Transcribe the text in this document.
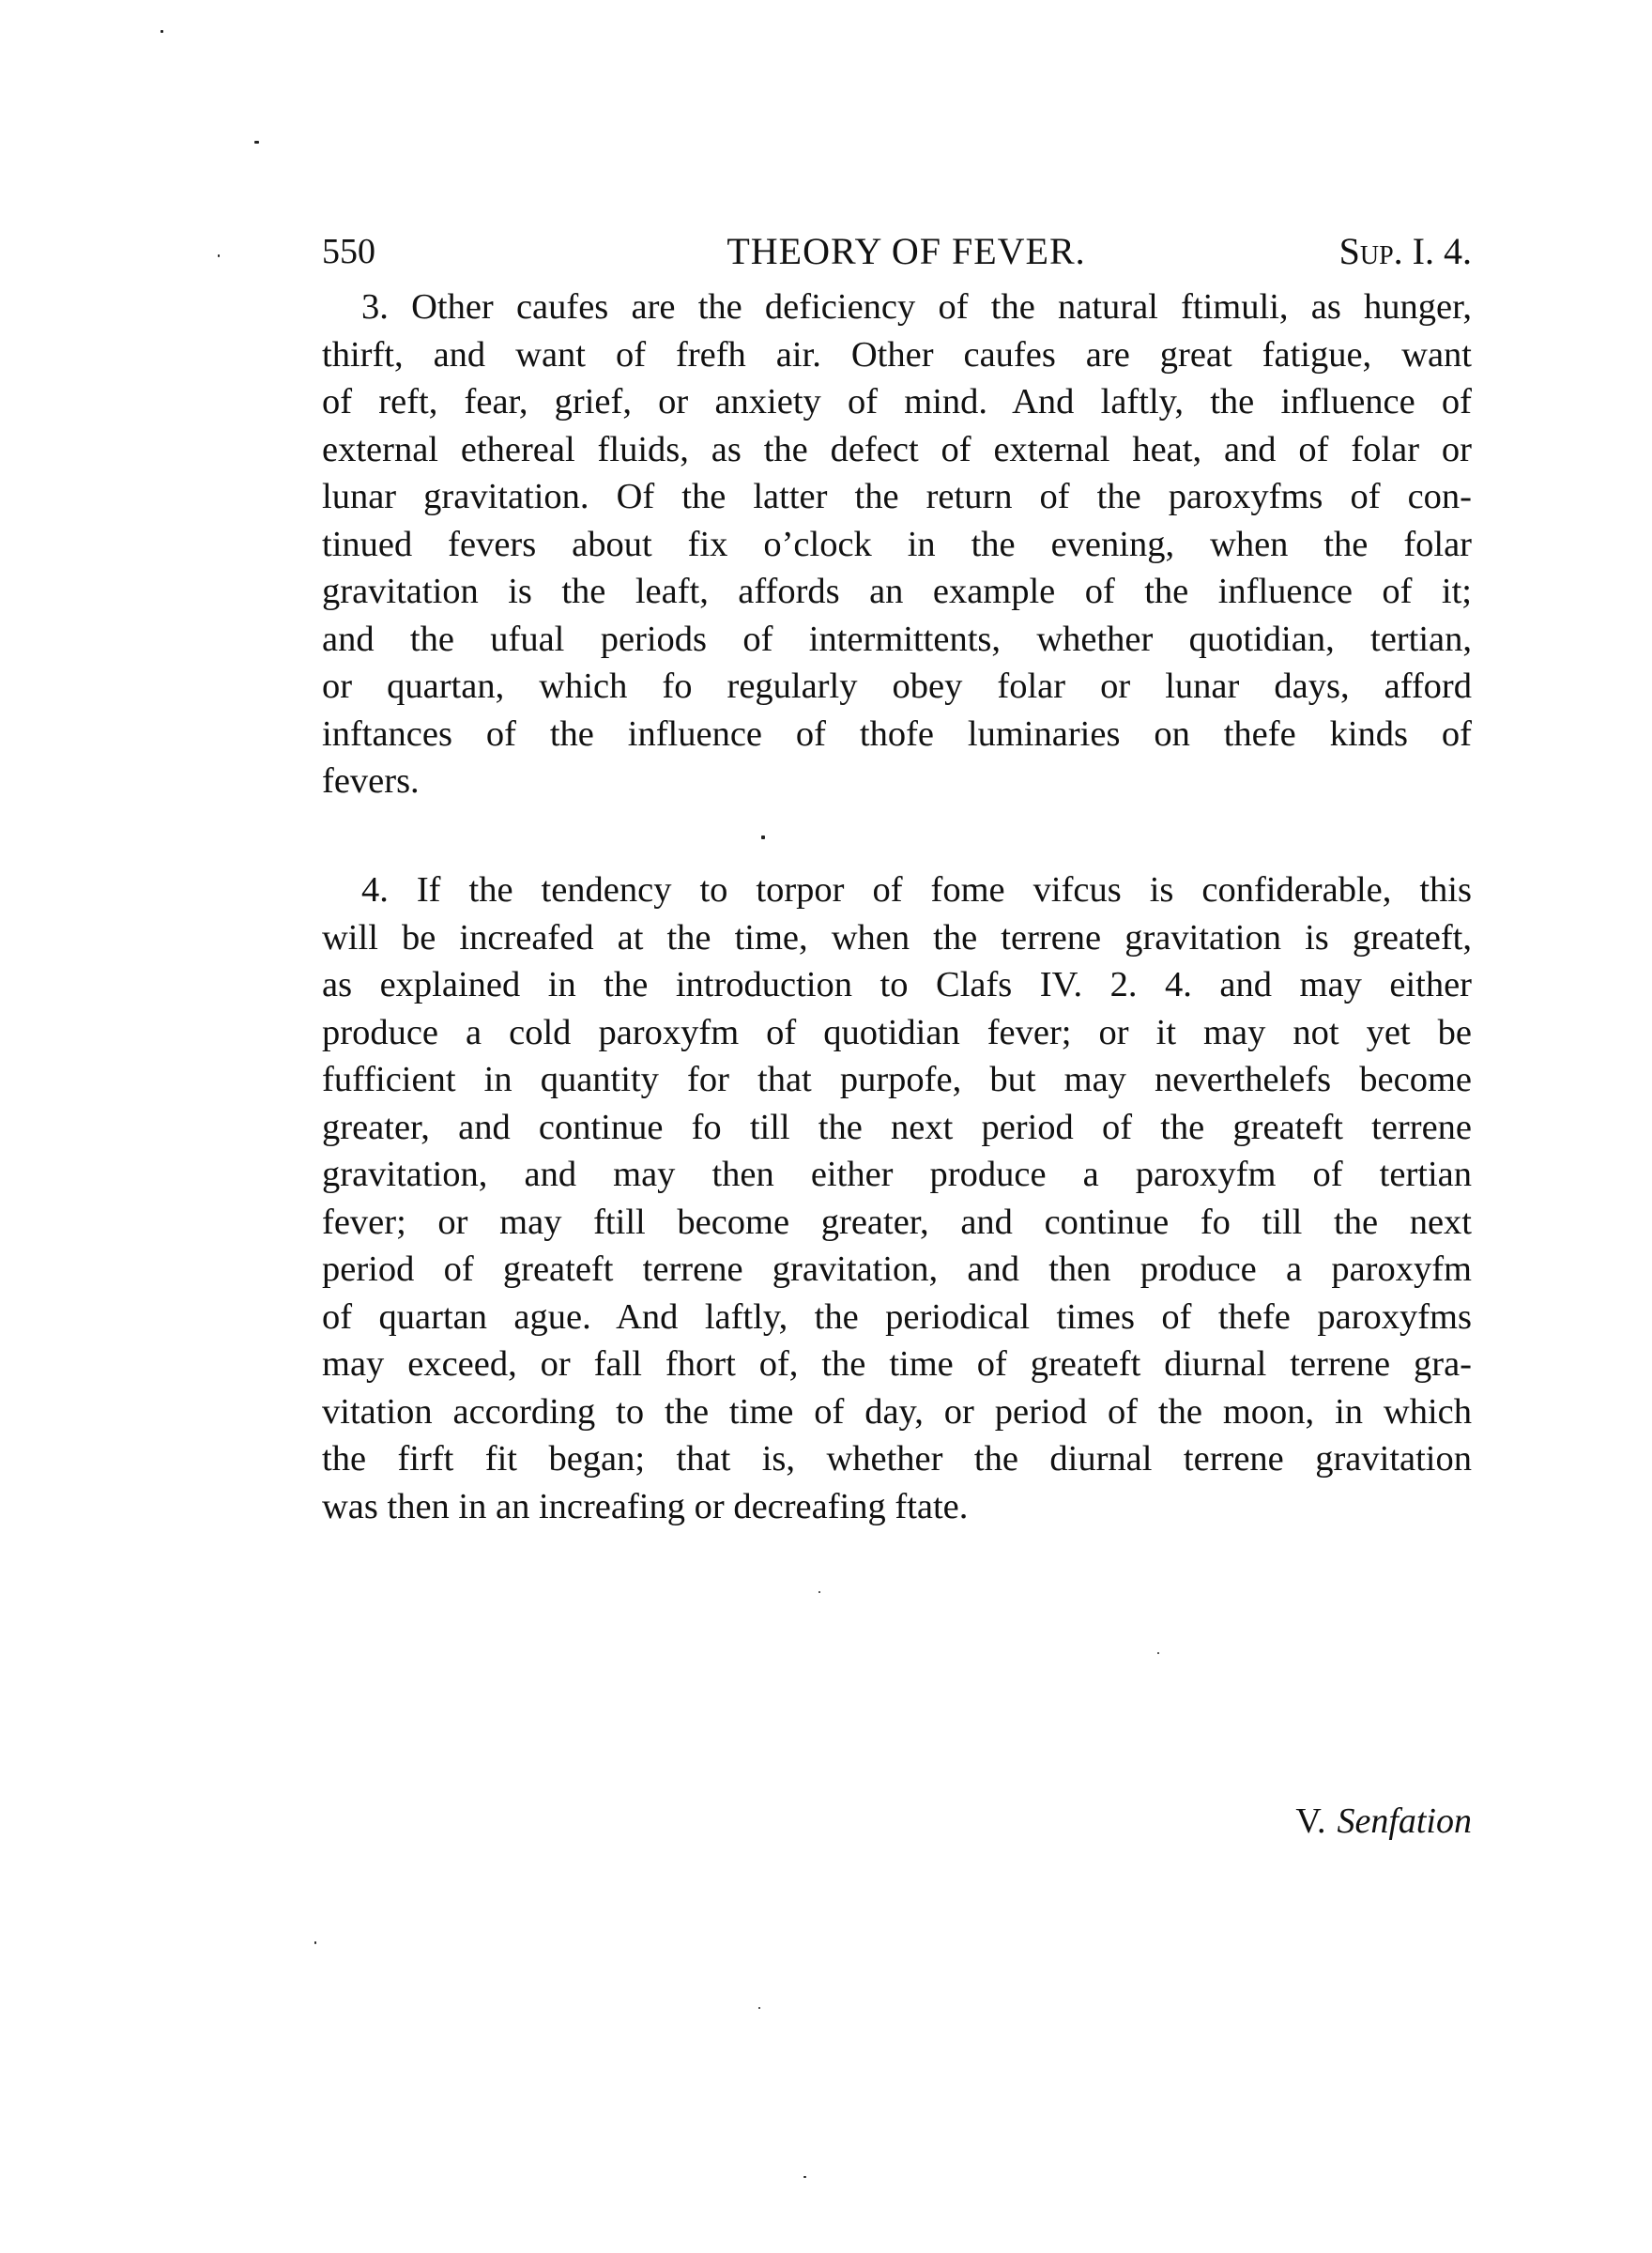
550	THEORY OF FEVER.	Sup. I. 4.
3. Other caufes are the deficiency of the natural ftimuli, as hunger,
thirft, and want of frefh air. Other caufes are great fatigue, want
of reft, fear, grief, or anxiety of mind. And laftly, the influence of
external ethereal fluids, as the defect of external heat, and of folar or
lunar gravitation. Of the latter the return of the paroxyfms of con-
tinued fevers about fix o’clock in the evening, when the folar
gravitation is the leaft, affords an example of the influence of it;
and the ufual periods of intermittents, whether quotidian, tertian,
or quartan, which fo regularly obey folar or lunar days, afford
inftances of the influence of thofe luminaries on thefe kinds of
fevers.
4. If the tendency to torpor of fome vifcus is confiderable, this
will be increafed at the time, when the terrene gravitation is greateft,
as explained in the introduction to Clafs IV. 2. 4. and may either
produce a cold paroxyfm of quotidian fever; or it may not yet be
fufficient in quantity for that purpofe, but may neverthelefs become
greater, and continue fo till the next period of the greateft terrene
gravitation, and may then either produce a paroxyfm of tertian
fever; or may ftill become greater, and continue fo till the next
period of greateft terrene gravitation, and then produce a paroxyfm
of quartan ague. And laftly, the periodical times of thefe paroxyfms
may exceed, or fall fhort of, the time of greateft diurnal terrene gra-
vitation according to the time of day, or period of the moon, in which
the firft fit began; that is, whether the diurnal terrene gravitation
was then in an increafing or decreafing ftate.
V. Senfation
